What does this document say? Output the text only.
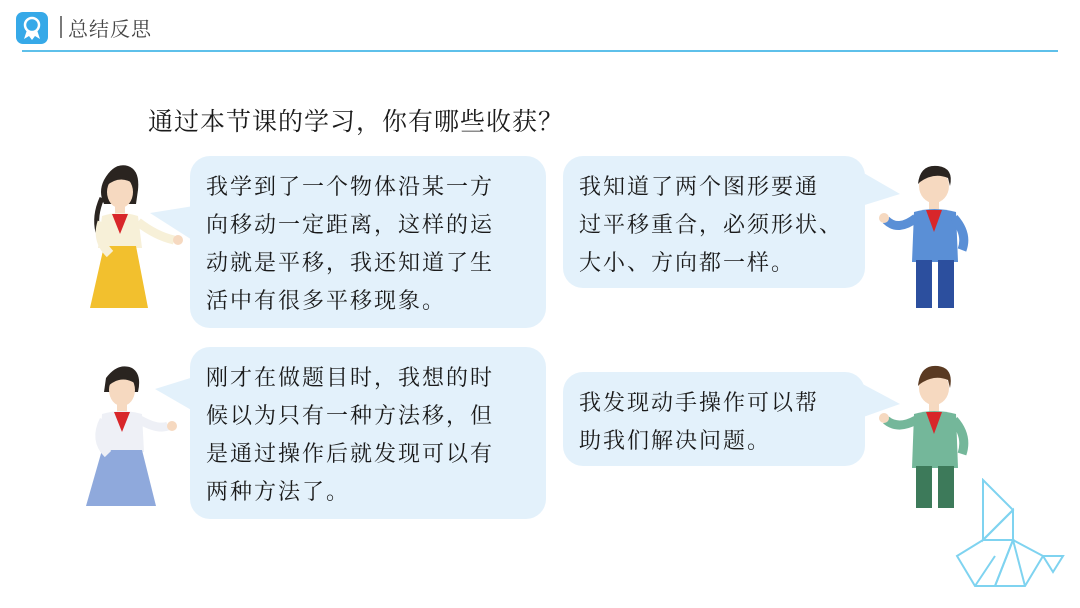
总结反思
通过本节课的学习，你有哪些收获？

我学到了一个物体沿某一方

向移动一定距离，这样的运

动就是平移，我还知道了生

活中有很多平移现象。

我知道了两个图形要通

过平移重合，必须形状、

大小、方向都一样。

刚才在做题目时，我想的时

候以为只有一种方法移，但

是通过操作后就发现可以有

两种方法了。

我发现动手操作可以帮

助我们解决问题。
